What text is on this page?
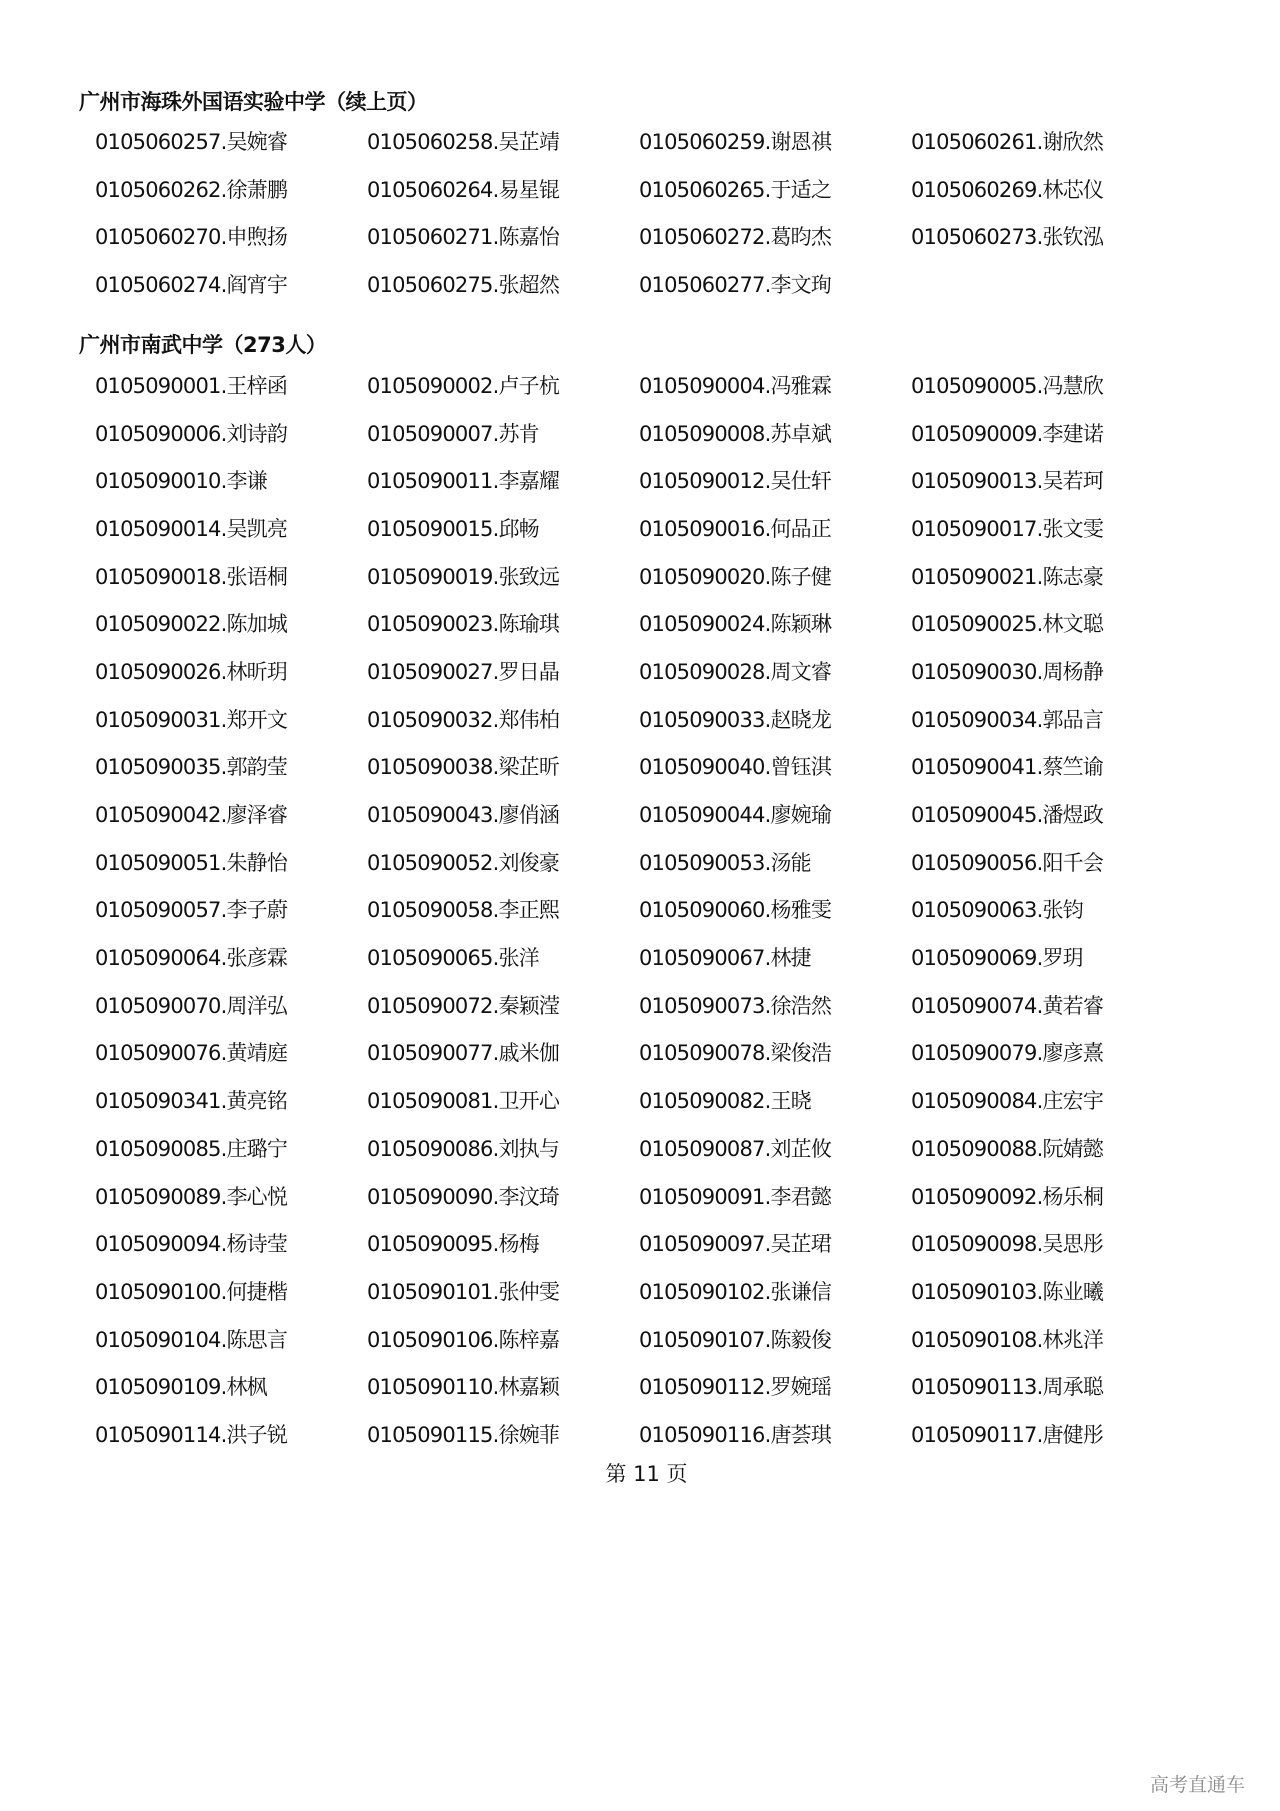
广州市海珠外国语实验中学（续上页）
0105060257.吴婉睿	0105060258.吴芷靖	0105060259.谢恩祺	0105060261.谢欣然
0105060262.徐萧鹏	0105060264.易星锟	0105060265.于适之	0105060269.林芯仪
0105060270.申煦扬	0105060271.陈嘉怡	0105060272.葛昀杰	0105060273.张钦泓
0105060274.阎宵宇	0105060275.张超然	0105060277.李文珣
广州市南武中学（273人）
0105090001.王梓函	0105090002.卢子杭	0105090004.冯雅霖	0105090005.冯慧欣
0105090006.刘诗韵	0105090007.苏肯	0105090008.苏卓斌	0105090009.李建诺
0105090010.李谦	0105090011.李嘉耀	0105090012.吴仕轩	0105090013.吴若珂
0105090014.吴凯亮	0105090015.邱畅	0105090016.何品正	0105090017.张文雯
0105090018.张语桐	0105090019.张致远	0105090020.陈子健	0105090021.陈志豪
0105090022.陈加城	0105090023.陈瑜琪	0105090024.陈颖琳	0105090025.林文聪
0105090026.林昕玥	0105090027.罗日晶	0105090028.周文睿	0105090030.周杨静
0105090031.郑开文	0105090032.郑伟柏	0105090033.赵晓龙	0105090034.郭品言
0105090035.郭韵莹	0105090038.梁芷昕	0105090040.曾钰淇	0105090041.蔡竺谕
0105090042.廖泽睿	0105090043.廖俏涵	0105090044.廖婉瑜	0105090045.潘煜政
0105090051.朱静怡	0105090052.刘俊豪	0105090053.汤能	0105090056.阳千会
0105090057.李子蔚	0105090058.李正熙	0105090060.杨雅雯	0105090063.张钧
0105090064.张彦霖	0105090065.张洋	0105090067.林捷	0105090069.罗玥
0105090070.周洋弘	0105090072.秦颖滢	0105090073.徐浩然	0105090074.黄若睿
0105090076.黄靖庭	0105090077.戚米伽	0105090078.梁俊浩	0105090079.廖彦熹
0105090341.黄亮铭	0105090081.卫开心	0105090082.王晓	0105090084.庄宏宇
0105090085.庄璐宁	0105090086.刘执与	0105090087.刘芷攸	0105090088.阮婧懿
0105090089.李心悦	0105090090.李汶琦	0105090091.李君懿	0105090092.杨乐桐
0105090094.杨诗莹	0105090095.杨梅	0105090097.吴芷珺	0105090098.吴思彤
0105090100.何捷楷	0105090101.张仲雯	0105090102.张谦信	0105090103.陈业曦
0105090104.陈思言	0105090106.陈梓嘉	0105090107.陈毅俊	0105090108.林兆洋
0105090109.林枫	0105090110.林嘉颖	0105090112.罗婉瑶	0105090113.周承聪
0105090114.洪子锐	0105090115.徐婉菲	0105090116.唐荟琪	0105090117.唐健彤
第 11 页
高考直通车
